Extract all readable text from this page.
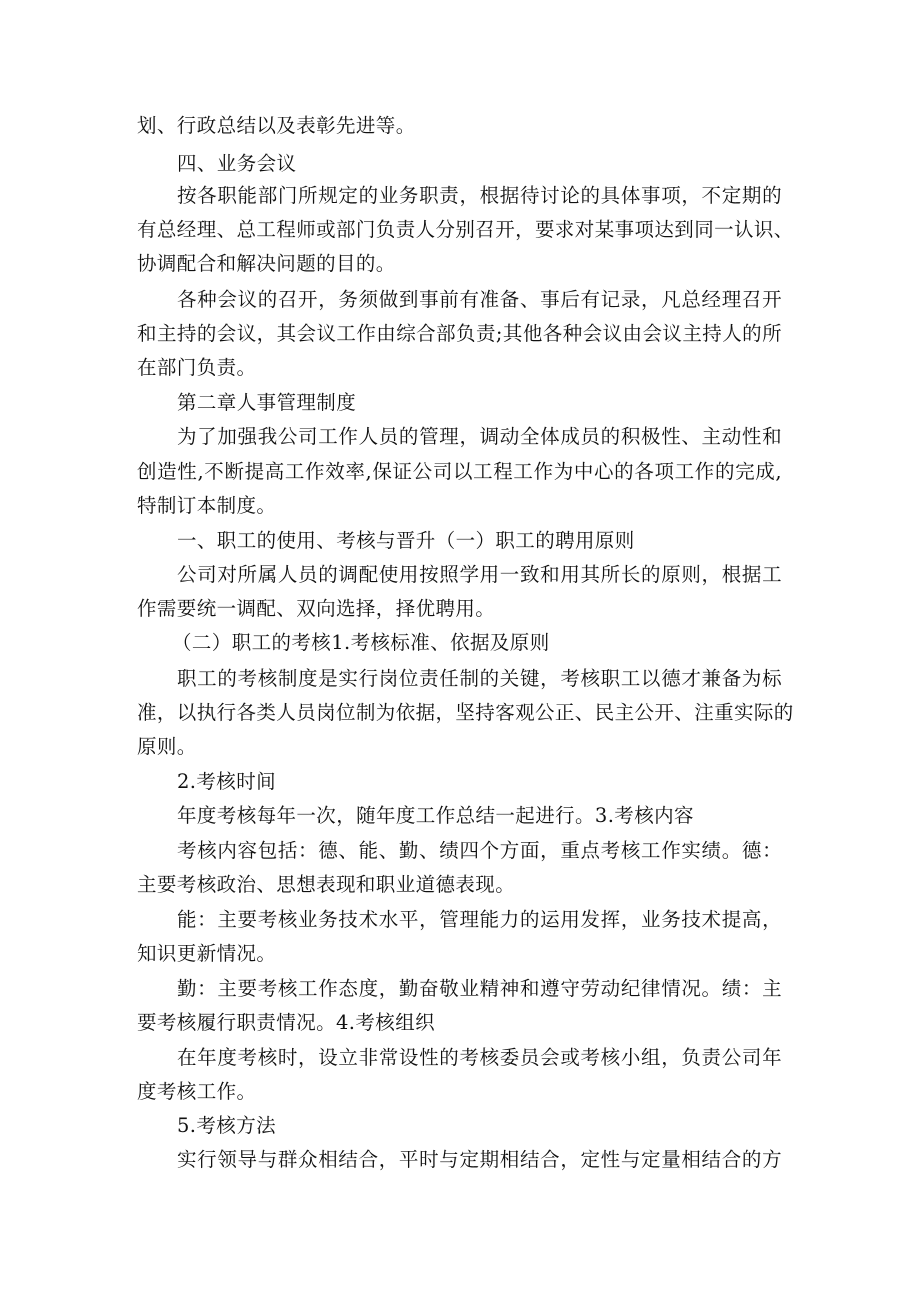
划、行政总结以及表彰先进等。
四、业务会议
按各职能部门所规定的业务职责，根据待讨论的具体事项，不定期的
有总经理、总工程师或部门负责人分别召开，要求对某事项达到同一认识、
协调配合和解决问题的目的。
各种会议的召开，务须做到事前有准备、事后有记录，凡总经理召开
和主持的会议，其会议工作由综合部负责;其他各种会议由会议主持人的所
在部门负责。
第二章人事管理制度
为了加强我公司工作人员的管理，调动全体成员的积极性、主动性和
创造性,不断提高工作效率,保证公司以工程工作为中心的各项工作的完成,
特制订本制度。
一、职工的使用、考核与晋升（一）职工的聘用原则
公司对所属人员的调配使用按照学用一致和用其所长的原则，根据工
作需要统一调配、双向选择，择优聘用。
（二）职工的考核1.考核标准、依据及原则
职工的考核制度是实行岗位责任制的关键，考核职工以德才兼备为标
准，以执行各类人员岗位制为依据，坚持客观公正、民主公开、注重实际的
原则。
2.考核时间
年度考核每年一次，随年度工作总结一起进行。3.考核内容
考核内容包括：德、能、勤、绩四个方面，重点考核工作实绩。德：
主要考核政治、思想表现和职业道德表现。
能：主要考核业务技术水平，管理能力的运用发挥，业务技术提高，
知识更新情况。
勤：主要考核工作态度，勤奋敬业精神和遵守劳动纪律情况。绩：主
要考核履行职责情况。4.考核组织
在年度考核时，设立非常设性的考核委员会或考核小组，负责公司年
度考核工作。
5.考核方法
实行领导与群众相结合，平时与定期相结合，定性与定量相结合的方
